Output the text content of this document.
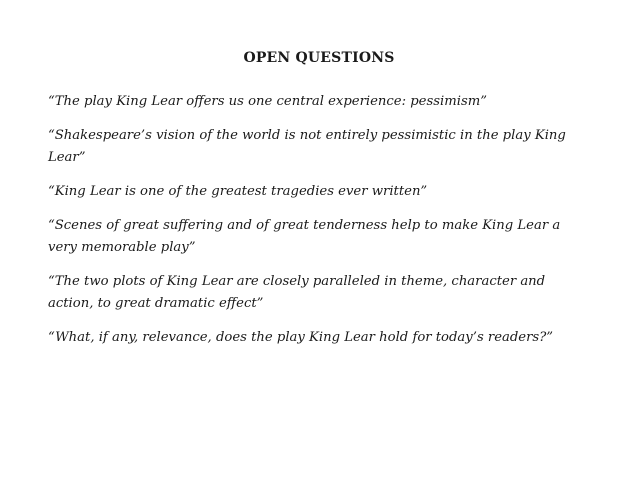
OPEN QUESTIONS
“The play King Lear offers us one central experience: pessimism”
“Shakespeare’s vision of the world is not entirely pessimistic in the play King Lear”
“King Lear is one of the greatest tragedies ever written”
“Scenes of great suffering and of great tenderness help to make King Lear a very memorable play”
“The two plots of King Lear are closely paralleled in theme, character and action, to great dramatic effect”
“What, if any, relevance, does the play King Lear hold for today’s readers?”
